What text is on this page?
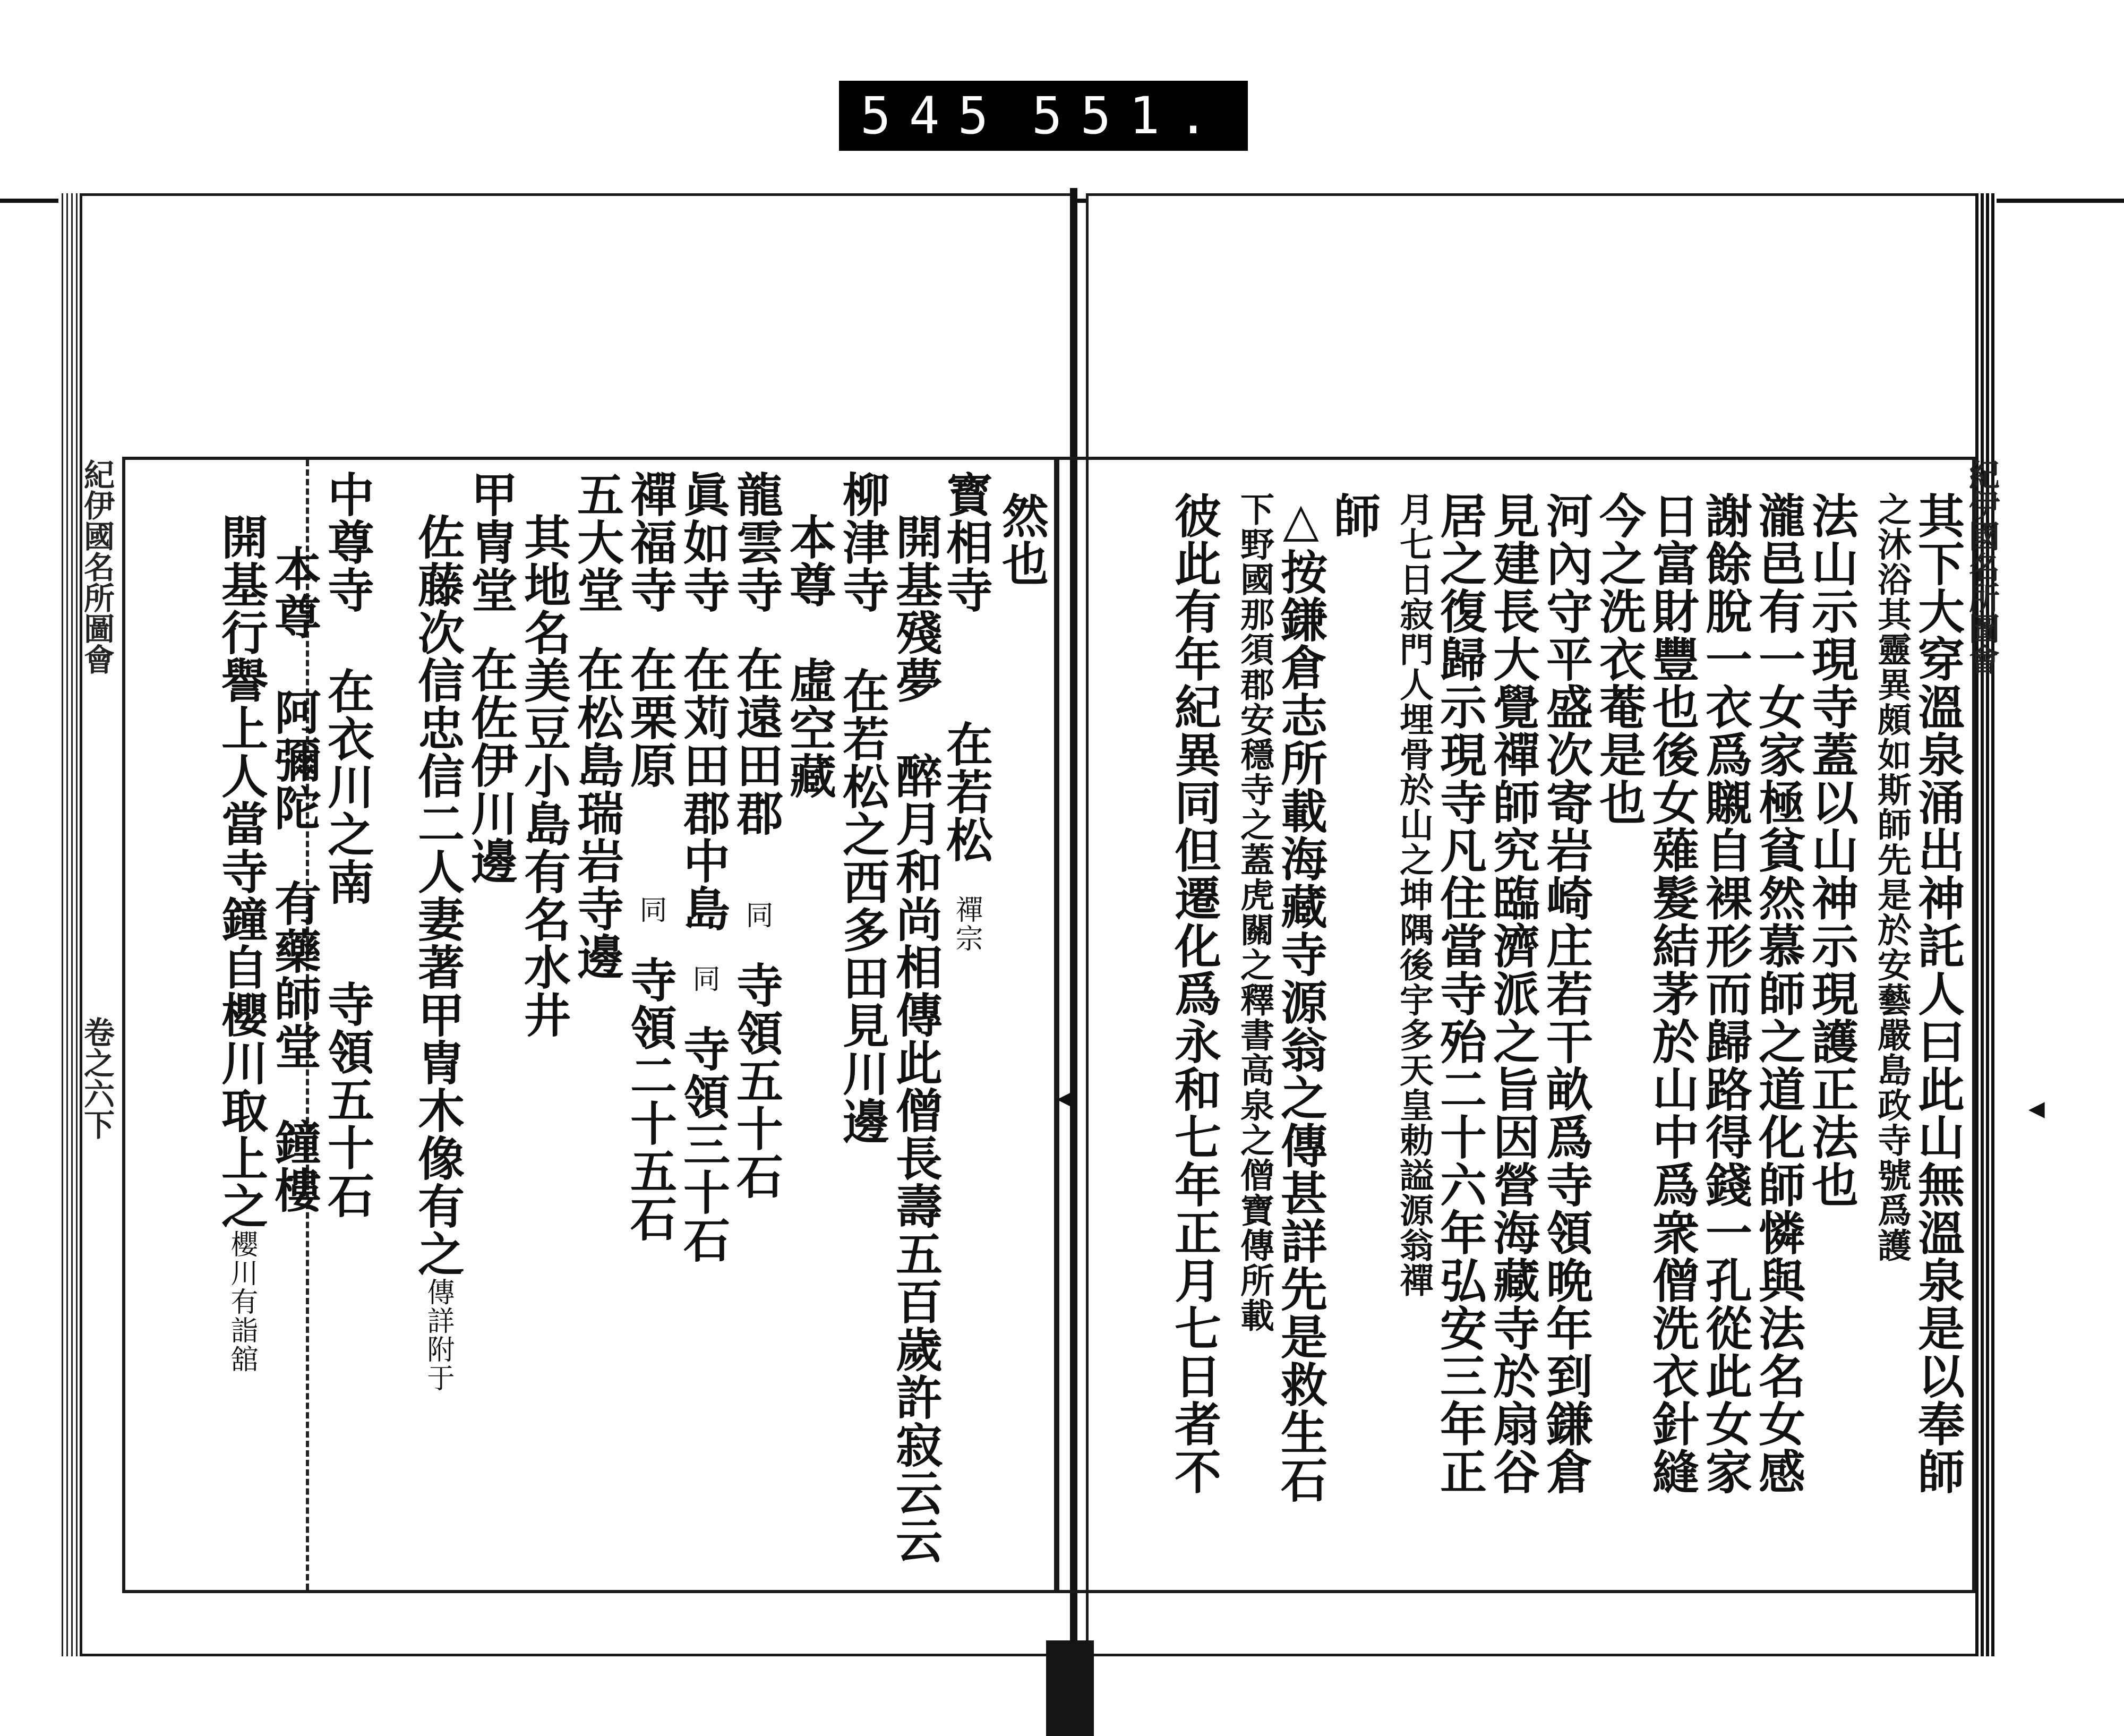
545 551.
紀伊國名所圖會
卷之六下
紀伊國名所圖會
然也
寳相寺在若松禪宗
開基殘夢　醉月和尚相傳此僧長壽五百歲許寂云云
柳津寺在若松之西多田見川邊
本尊　虛空藏
龍雲寺在遠田郡同寺領五十石
眞如寺在苅田郡中島同寺領三十石
禪福寺在栗原同寺領二十五石
五大堂在松島瑞岩寺邊
其地名美豆小島有名水井
甲冑堂在佐伊川邊
佐藤次信忠信二人妻著甲冑木像有之傳詳附于
中尊寺在衣川之南寺領五十石
本尊　阿彌陀　有藥師堂　鐘樓
開基行譽上人當寺鐘自櫻川取上之櫻川有詣舘	其下大穿溫泉涌出神託人曰此山無溫泉是以奉師
之沐浴其靈異頗如斯師先是於安藝嚴島政寺號爲護
法山示現寺蓋以山神示現護正法也
瀧邑有一女家極貧然慕師之道化師憐與法名女感
謝餘脫一衣爲䞋自裸形而歸路得錢一孔從此女家
日富財豐也後女薙髮結茅於山中爲衆僧洗衣針縫
今之洗衣菴是也
河內守平盛次寄岩崎庄若干畝爲寺領晩年到鎌倉
見建長大覺禪師究臨濟派之旨因營海藏寺於扇谷
居之復歸示現寺凡住當寺殆二十六年弘安三年正
月七日寂門人埋骨於山之坤隅後宇多天皇勅謚源翁禪
師
△按鎌倉志所載海藏寺源翁之傳甚詳先是救生石
下野國那須郡安穩寺之蓋虎關之釋書高泉之僧寶傳所載
彼此有年紀異同但遷化爲永和七年正月七日者不	◀
◀
